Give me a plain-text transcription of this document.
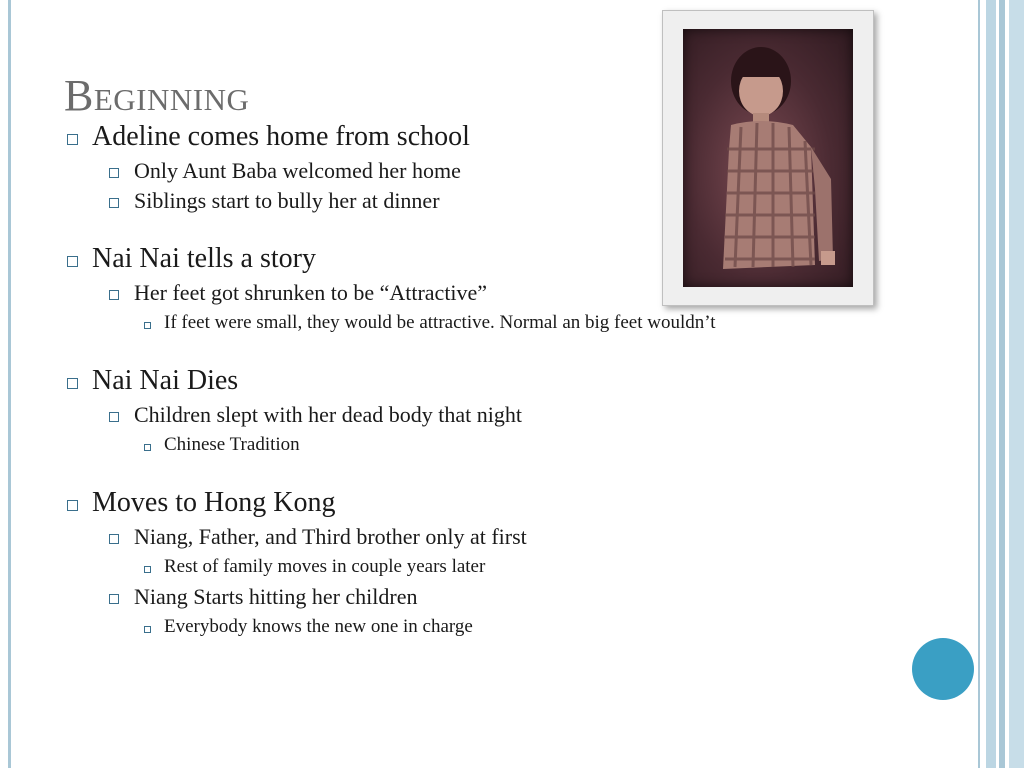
Beginning
Adeline comes home from school
Only Aunt Baba welcomed her home
Siblings start to bully her at dinner
Nai Nai tells a story
Her feet got shrunken to be “Attractive”
If feet were small, they would be attractive. Normal an big feet wouldn’t
Nai Nai Dies
Children slept with her dead body that night
Chinese Tradition
Moves to Hong Kong
Niang, Father, and Third brother only at first
Rest of family moves in couple years later
Niang Starts hitting her children
Everybody knows the new one in charge
